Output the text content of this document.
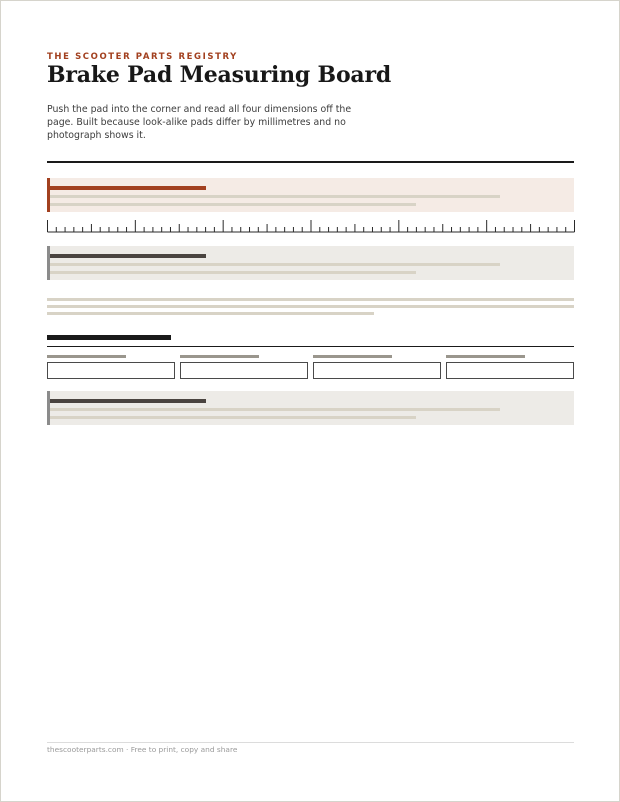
THE SCOOTER PARTS REGISTRY
Brake Pad Measuring Board
Push the pad into the corner and read all four dimensions off the page. Built because look-alike pads differ by millimetres and no photograph shows it.
thescooterparts.com · Free to print, copy and share
